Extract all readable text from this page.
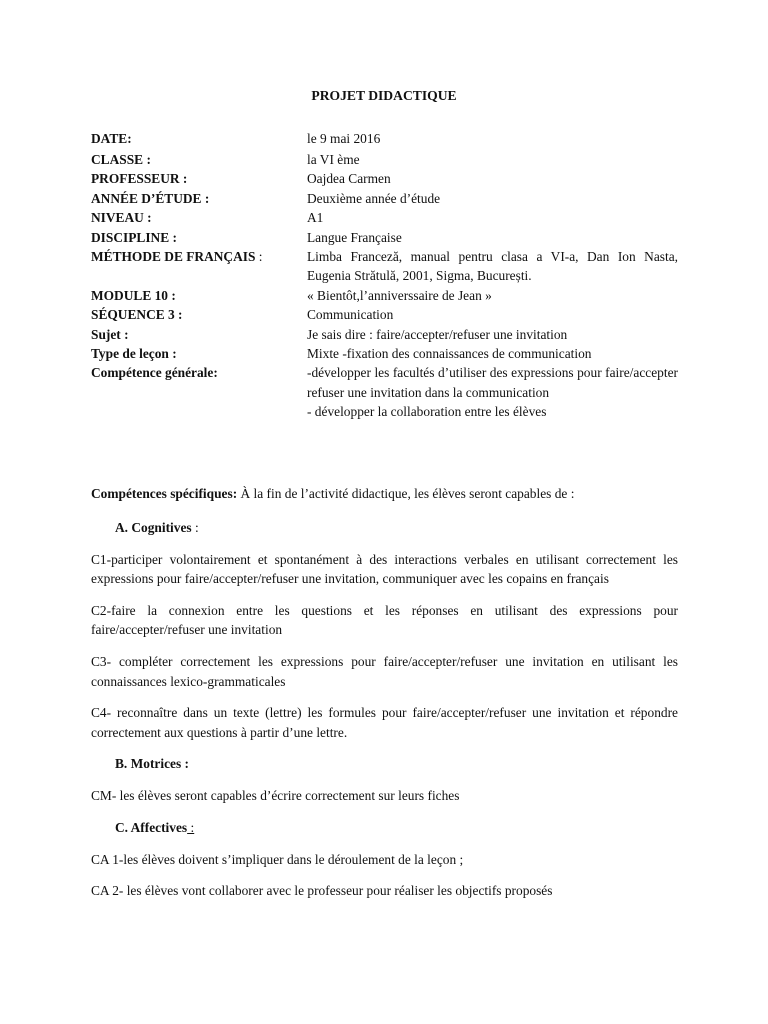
PROJET DIDACTIQUE
DATE:	le 9 mai 2016
CLASSE :	la VI ème
PROFESSEUR :	Oajdea Carmen
ANNÉE D’ÉTUDE :	Deuxième année d’étude
NIVEAU :	A1
DISCIPLINE :	Langue Française
MÉTHODE DE FRANÇAIS :	Limba Franceză, manual pentru clasa a VI-a, Dan Ion Nasta, Eugenia Strătulă, 2001, Sigma, București.
MODULE 10 :	« Bientôt,l’anniverssaire de Jean »
SÉQUENCE 3 :	Communication
Sujet :	Je sais dire : faire/accepter/refuser une invitation
Type de leçon :	Mixte -fixation des connaissances de communication
Compétence générale:	-développer les facultés d’utiliser des expressions pour faire/accepter refuser une invitation dans la communication
- développer la collaboration entre les élèves

Compétences spécifiques: À la fin de l’activité didactique, les élèves seront capables de :

A. Cognitives :

C1-participer volontairement et spontanément à des interactions verbales en utilisant correctement les expressions pour faire/accepter/refuser une invitation, communiquer avec les copains en français

C2-faire la connexion entre les questions et les réponses en utilisant des expressions pour faire/accepter/refuser une invitation

C3- compléter correctement les expressions pour faire/accepter/refuser une invitation en utilisant les connaissances lexico-grammaticales

C4- reconnaître dans un texte (lettre) les formules pour faire/accepter/refuser une invitation et répondre correctement aux questions à partir d’une lettre.

B. Motrices :

CM- les élèves seront capables d’écrire correctement sur leurs fiches

C. Affectives :

CA 1-les élèves doivent s’impliquer dans le déroulement de la leçon ;

CA 2- les élèves vont collaborer avec le professeur pour réaliser les objectifs proposés
